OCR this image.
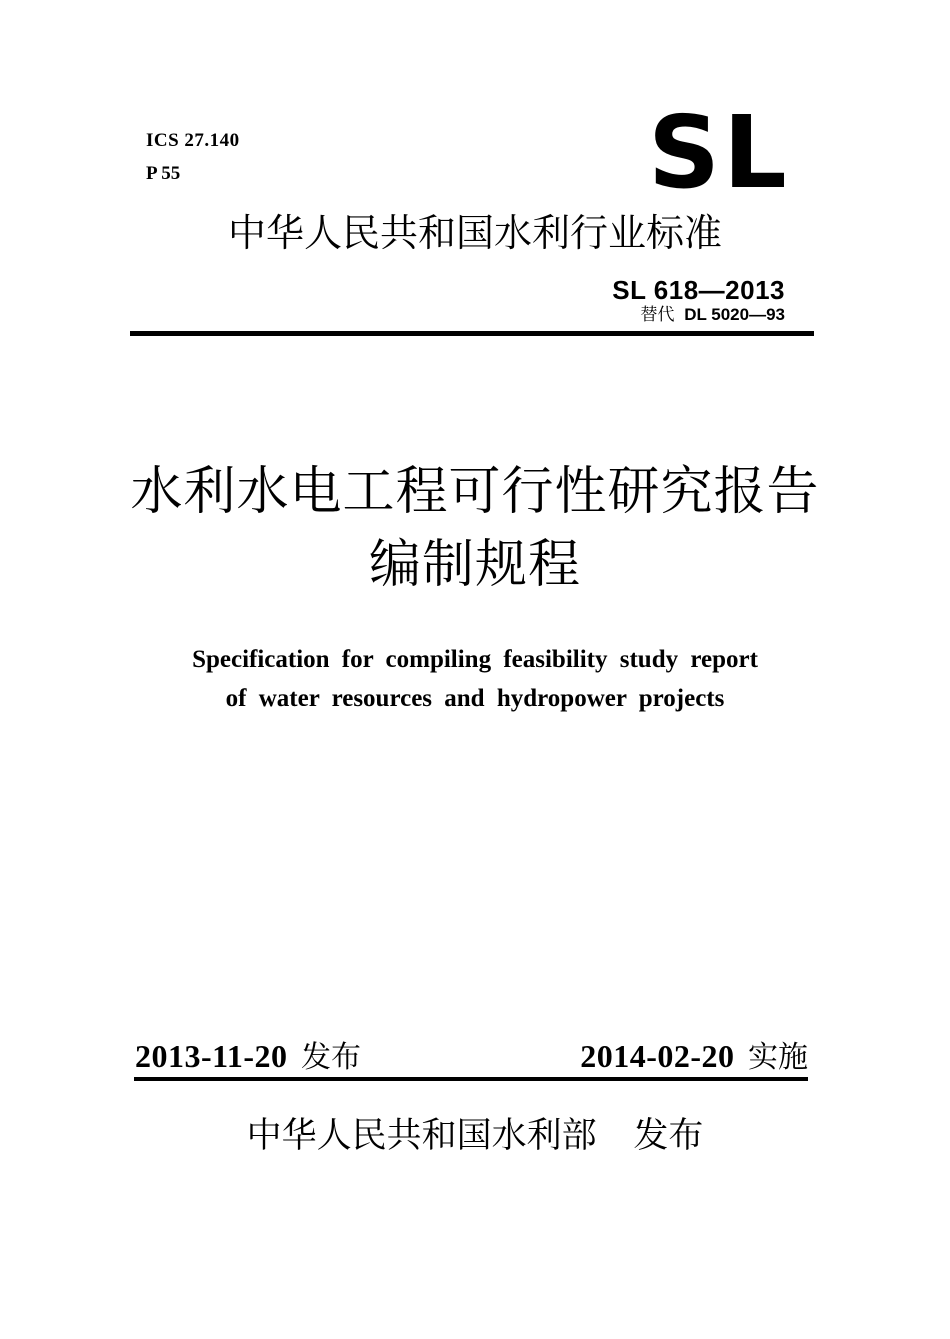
ICS 27.140
P 55	SL
中华人民共和国水利行业标准
SL 618—2013
替代 DL 5020—93
水利水电工程可行性研究报告
编制规程
Specification for compiling feasibility study report
of water resources and hydropower projects
2013-11-20 发布	2014-02-20 实施
中华人民共和国水利部 发布
